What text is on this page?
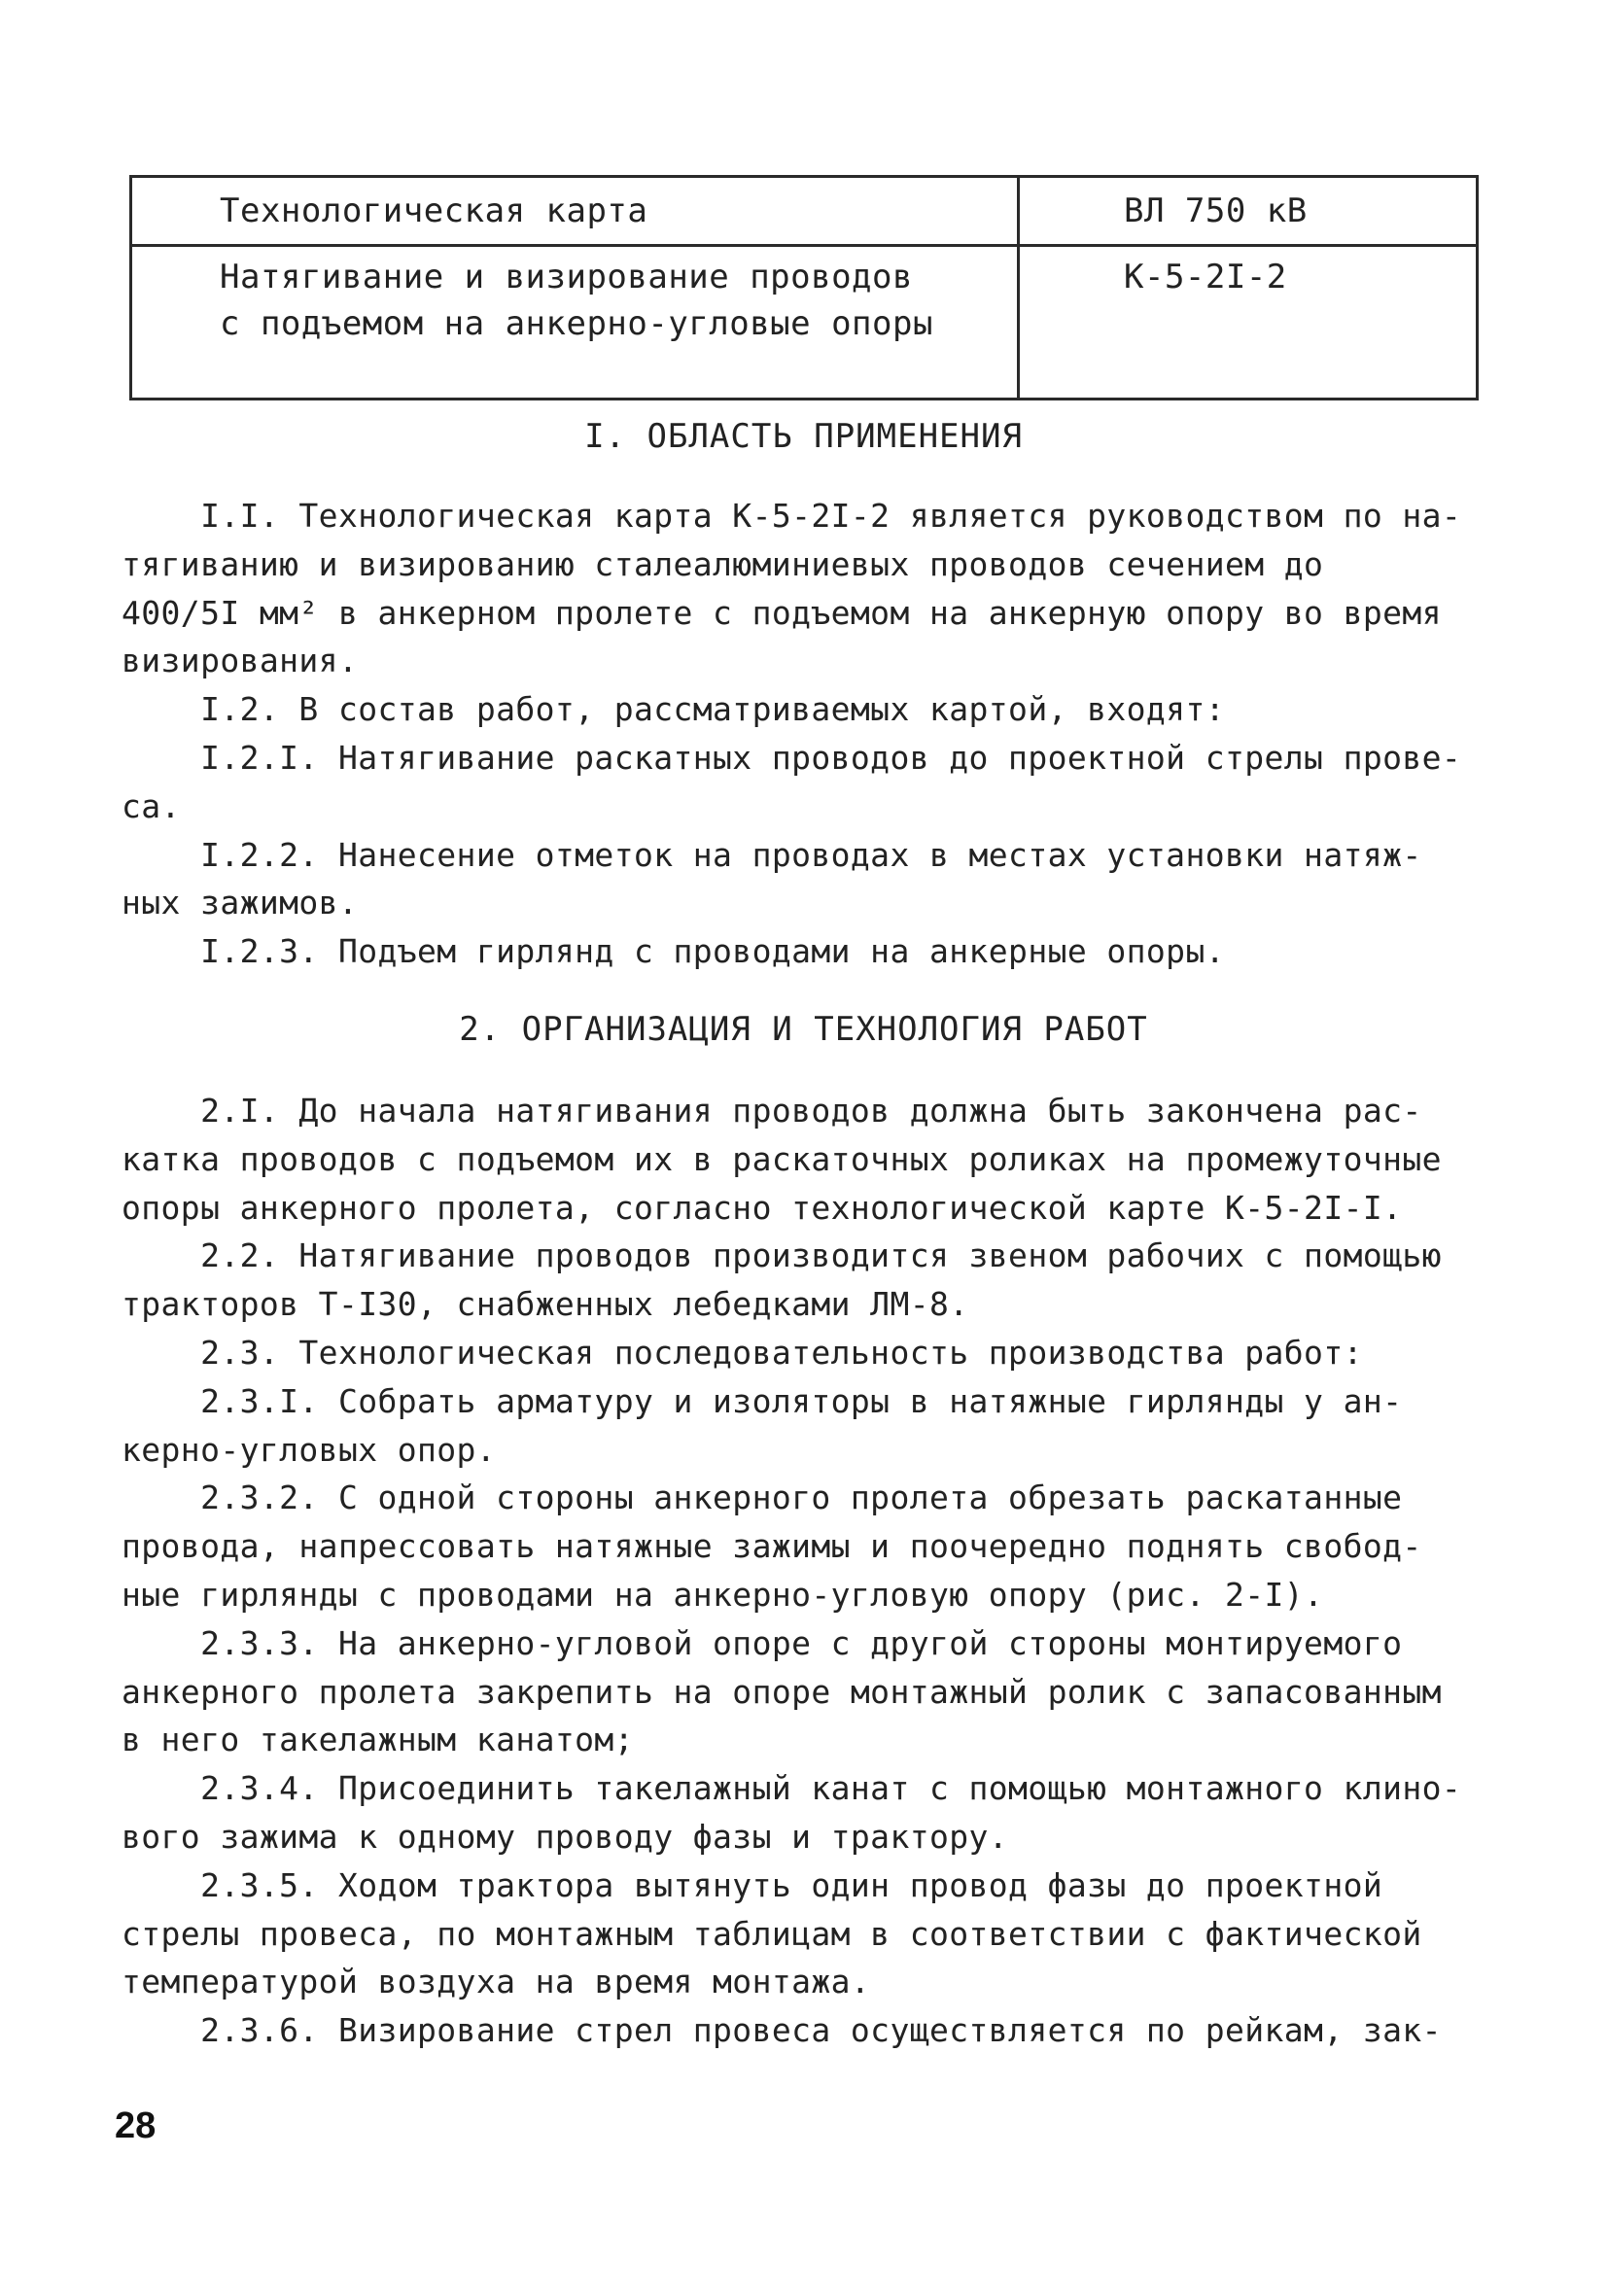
Технологическая карта	ВЛ 750 кВ
Натягивание и визирование проводов
с подъемом на анкерно-угловые опоры
К-5-2I-2
I. ОБЛАСТЬ ПРИМЕНЕНИЯ
I.I. Технологическая карта К-5-2I-2 является руководством по на-
тягиванию и визированию сталеалюминиевых проводов сечением до
400/5I мм² в анкерном пролете с подъемом на анкерную опору во время
визирования.
I.2. В состав работ, рассматриваемых картой, входят:
I.2.I. Натягивание раскатных проводов до проектной стрелы прове-
са.
I.2.2. Нанесение отметок на проводах в местах установки натяж-
ных зажимов.
I.2.3. Подъем гирлянд с проводами на анкерные опоры.
2. ОРГАНИЗАЦИЯ И ТЕХНОЛОГИЯ РАБОТ
2.I. До начала натягивания проводов должна быть закончена рас-
катка проводов с подъемом их в раскаточных роликах на промежуточные
опоры анкерного пролета, согласно технологической карте К-5-2I-I.
2.2. Натягивание проводов производится звеном рабочих с помощью
тракторов Т-I30, снабженных лебедками ЛМ-8.
2.3. Технологическая последовательность производства работ:
2.3.I. Собрать арматуру и изоляторы в натяжные гирлянды у ан-
керно-угловых опор.
2.3.2. С одной стороны анкерного пролета обрезать раскатанные
провода, напрессовать натяжные зажимы и поочередно поднять свобод-
ные гирлянды с проводами на анкерно-угловую опору (рис. 2-I).
2.3.3. На анкерно-угловой опоре с другой стороны монтируемого
анкерного пролета закрепить на опоре монтажный ролик с запасованным
в него такелажным канатом;
2.3.4. Присоединить такелажный канат с помощью монтажного клино-
вого зажима к одному проводу фазы и трактору.
2.3.5. Ходом трактора вытянуть один провод фазы до проектной
стрелы провеса, по монтажным таблицам в соответствии с фактической
температурой воздуха на время монтажа.
2.3.6. Визирование стрел провеса осуществляется по рейкам, зак-
28
